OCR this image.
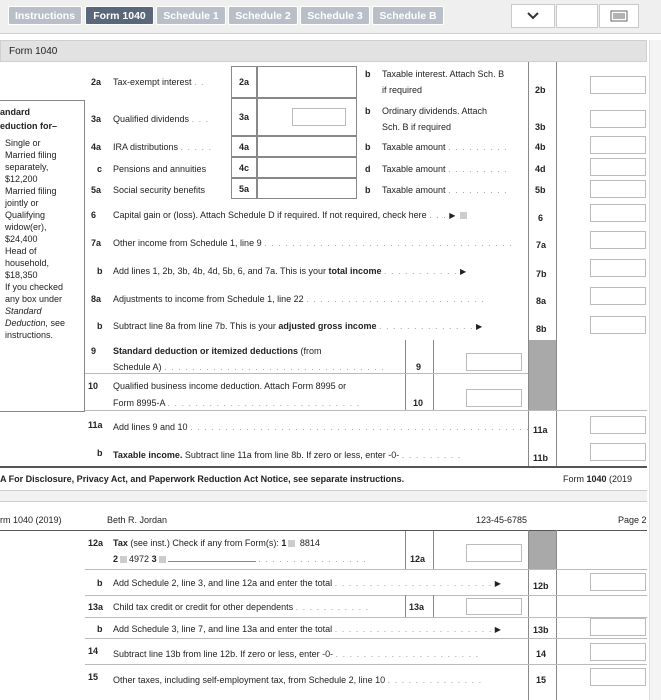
Instructions	Form 1040	Schedule 1	Schedule 2	Schedule 3	Schedule B
Form 1040
andard
eduction for–
Single or
Married filing
separately,
$12,200
Married filing
jointly or
Qualifying
widow(er),
$24,400
Head of
household,
$18,350
If you checked
any box under
Standard
Deduction, see
instructions.
2a Tax-exempt interest . .	2a
b Taxable interest. Attach Sch. B
if required	2b
3a Qualified dividends . . .	3a
b Ordinary dividends. Attach
Sch. B if required	3b
4a IRA distributions . . . . .	4a	b Taxable amount . . . . . . . . .	4b
c Pensions and annuities	4c	d Taxable amount . . . . . . . . .	4d
5a Social security benefits	5a	b Taxable amount . . . . . . . . .	5b
6 Capital gain or (loss). Attach Schedule D if required. If not required, check here . . . ▶	6
7a Other income from Schedule 1, line 9 . . . . . . . . . . . . . . . . . . . . . . . . . . . . . . . . . . . .	7a
b Add lines 1, 2b, 3b, 4b, 4d, 5b, 6, and 7a. This is your total income . . . . . . . . . . . ▶	7b
8a Adjustments to income from Schedule 1, line 22 . . . . . . . . . . . . . . . . . . . . . . . . . .	8a
b Subtract line 8a from line 7b. This is your adjusted gross income . . . . . . . . . . . . . . ▶	8b
9 Standard deduction or itemized deductions (from
Schedule A) . . . . . . . . . . . . . . . . . . . . . . . . . . . . . . . .	9
10 Qualified business income deduction. Attach Form 8995 or
Form 8995-A . . . . . . . . . . . . . . . . . . . . . . . . . . . .	10
11a Add lines 9 and 10 . . . . . . . . . . . . . . . . . . . . . . . . . . . . . . . . . . . . . . . . . . . . . . . . . 11a
b Taxable income. Subtract line 11a from line 8b. If zero or less, enter -0- . . . . . . . . .	11b
A For Disclosure, Privacy Act, and Paperwork Reduction Act Notice, see separate instructions.	Form 1040 (2019
rm 1040 (2019)	Beth R. Jordan	123-45-6785	Page 2
12a Tax (see inst.) Check if any from Form(s): 1 8814
2 4972 3	. . . . . . . . . . . . . . . .	12a
b Add Schedule 2, line 3, and line 12a and enter the total . . . . . . . . . . . . . . . . . . . . . . . ▶	12b
13a Child tax credit or credit for other dependents . . . . . . . . . . .	13a
b Add Schedule 3, line 7, and line 13a and enter the total . . . . . . . . . . . . . . . . . . . . . . . ▶	13b
14 Subtract line 13b from line 12b. If zero or less, enter -0- . . . . . . . . . . . . . . . . . . . . .	14
15 Other taxes, including self-employment tax, from Schedule 2, line 10 . . . . . . . . . . . . . .	15
